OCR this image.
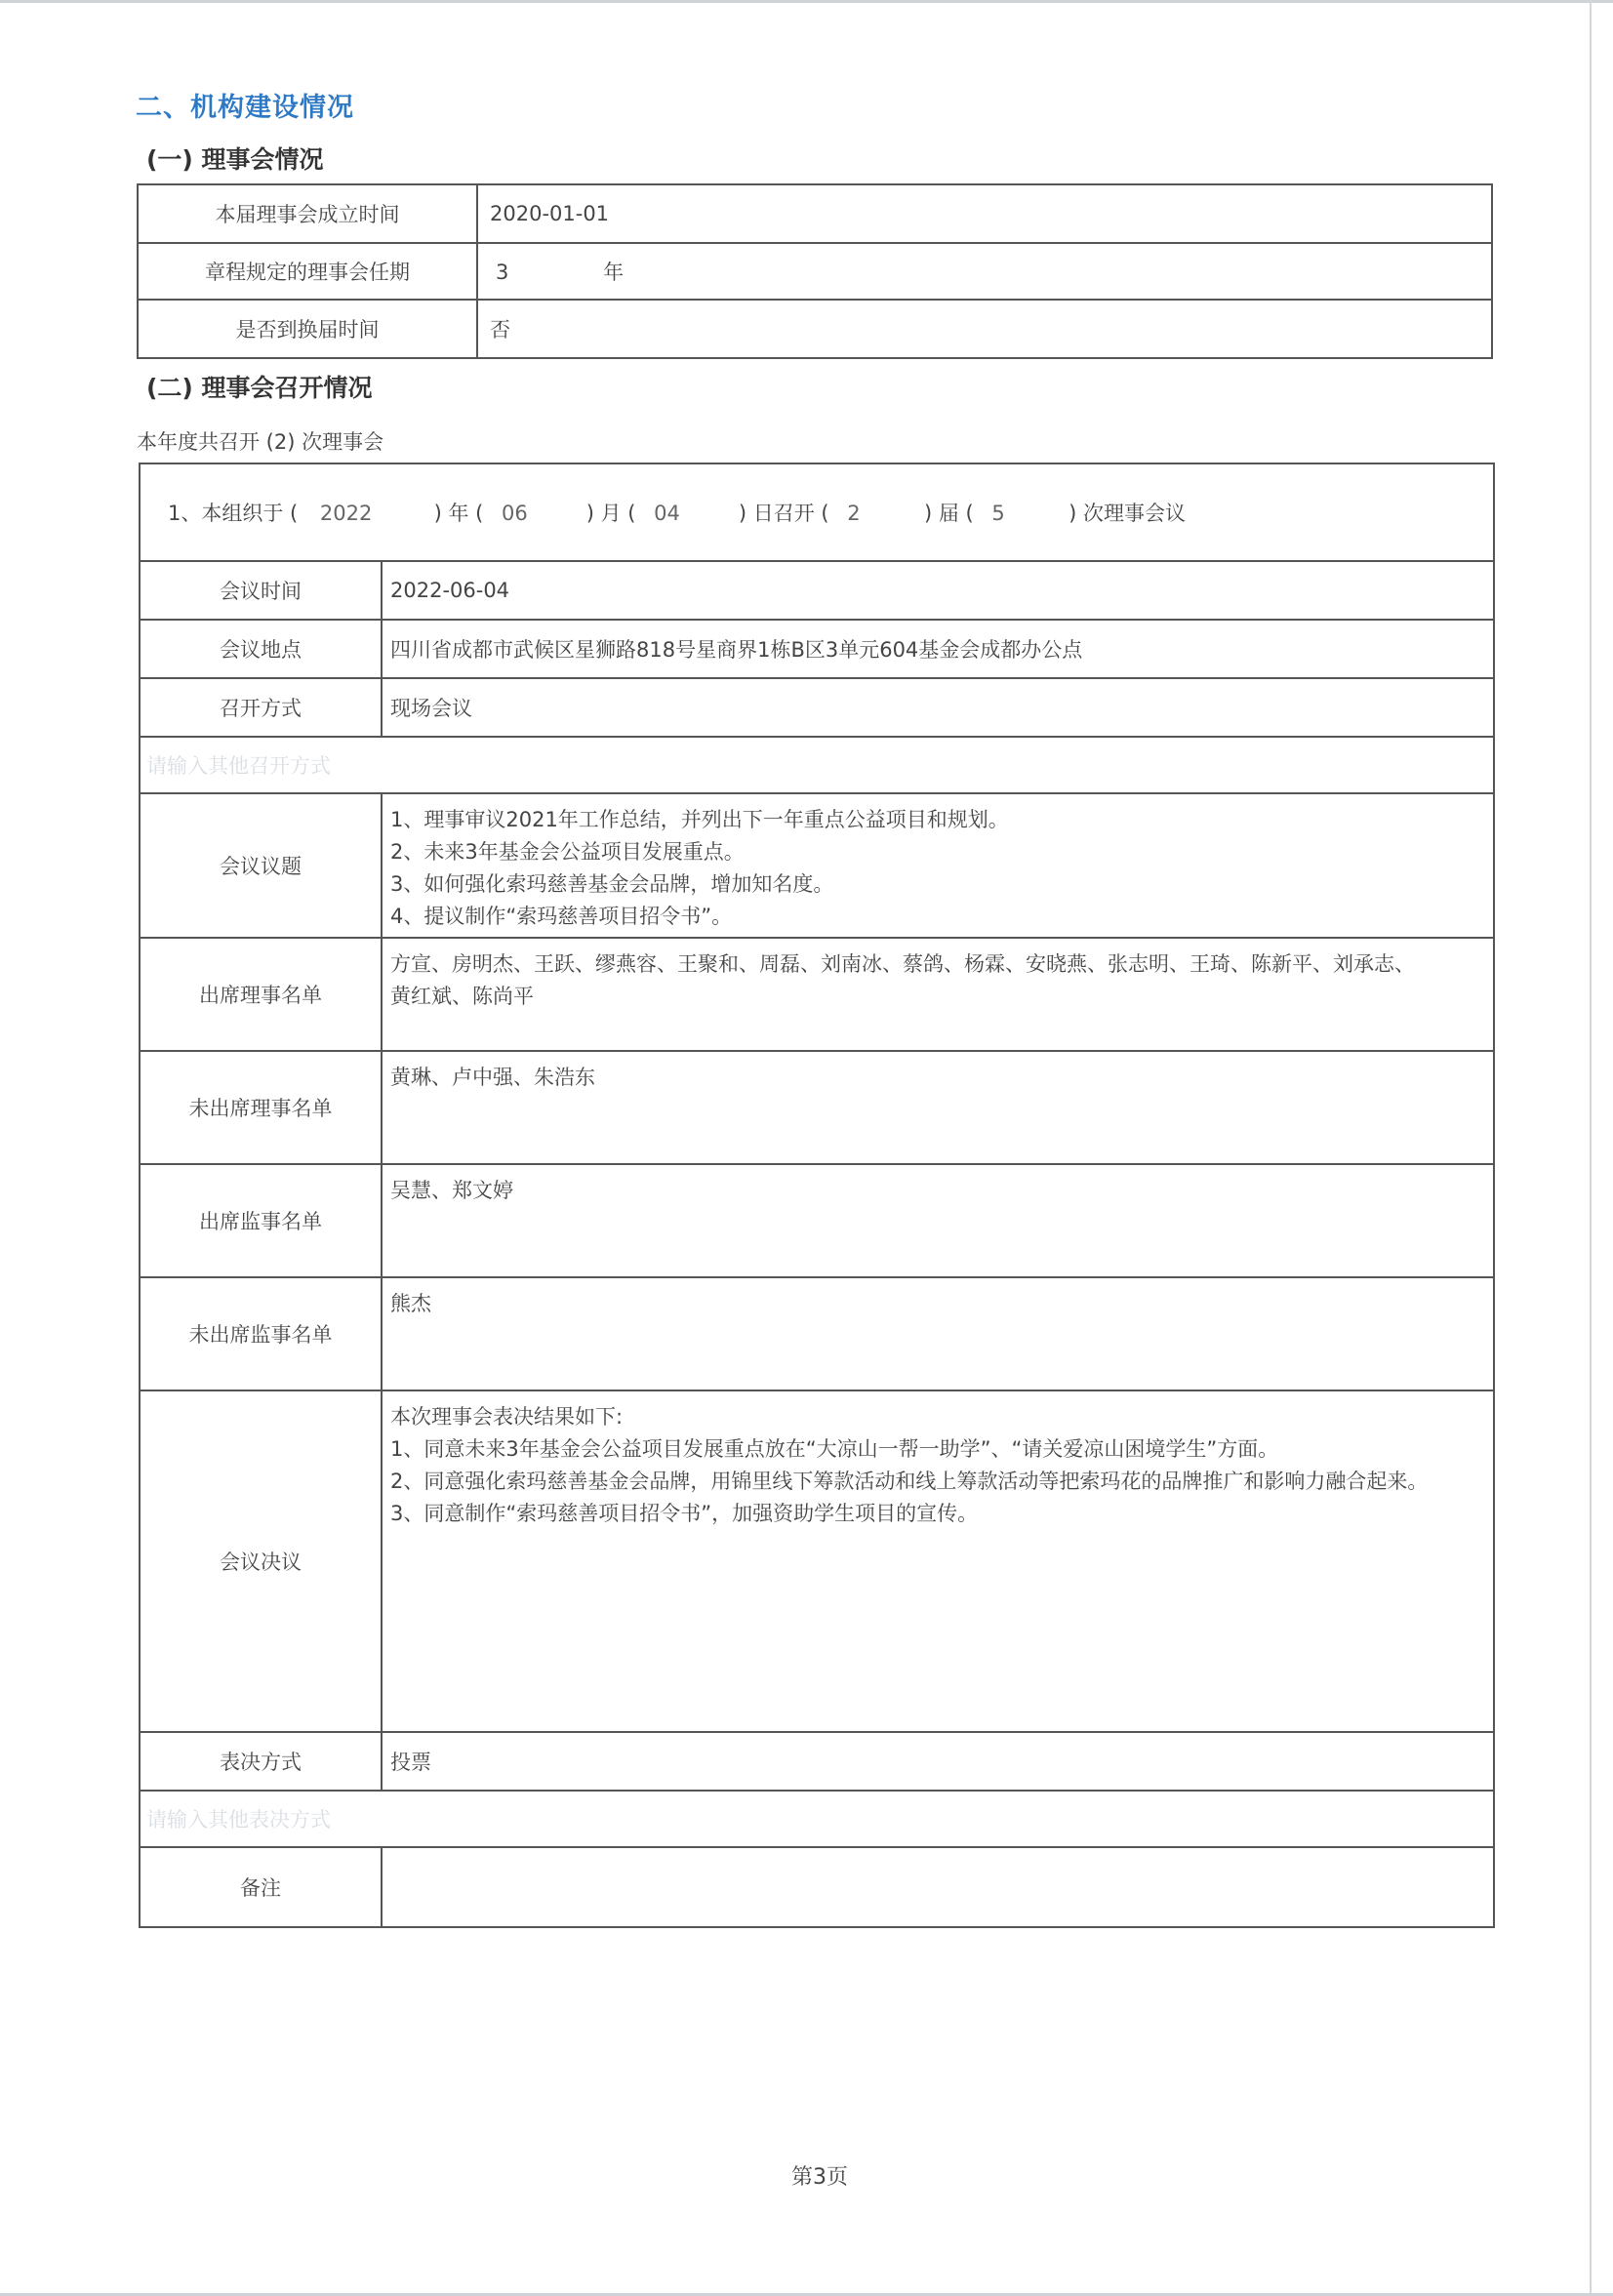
二、机构建设情况
(一) 理事会情况
本届理事会成立时间	2020-01-01
章程规定的理事会任期	3 年
是否到换届时间	否
(二) 理事会召开情况
本年度共召开 (2) 次理事会
1、本组织于 ( 2022 ) 年 ( 06 ) 月 ( 04 ) 日召开 ( 2 ) 届 ( 5 ) 次理事会议	

会议时间	2022-06-04
会议地点	四川省成都市武候区星狮路818号星商界1栋B区3单元604基金会成都办公点
召开方式	现场会议
请输入其他召开方式	
会议议题	1、理事审议2021年工作总结，并列出下一年重点公益项目和规划。
2、未来3年基金会公益项目发展重点。
3、如何强化索玛慈善基金会品牌，增加知名度。
4、提议制作“索玛慈善项目招令书”。

出席理事名单	方宣、房明杰、王跃、缪燕容、王聚和、周磊、刘南冰、蔡鸽、杨霖、安晓燕、张志明、王琦、陈新平、刘承志、
黄红斌、陈尚平

未出席理事名单	黄琳、卢中强、朱浩东
出席监事名单	吴慧、郑文婷
未出席监事名单	熊杰
会议决议	本次理事会表决结果如下:
1、同意未来3年基金会公益项目发展重点放在“大凉山一帮一助学”、“请关爱凉山困境学生”方面。
2、同意强化索玛慈善基金会品牌，用锦里线下筹款活动和线上筹款活动等把索玛花的品牌推广和影响力融合起来。
3、同意制作“索玛慈善项目招令书”，加强资助学生项目的宣传。

表决方式	投票
请输入其他表决方式	
备注	
第3页
